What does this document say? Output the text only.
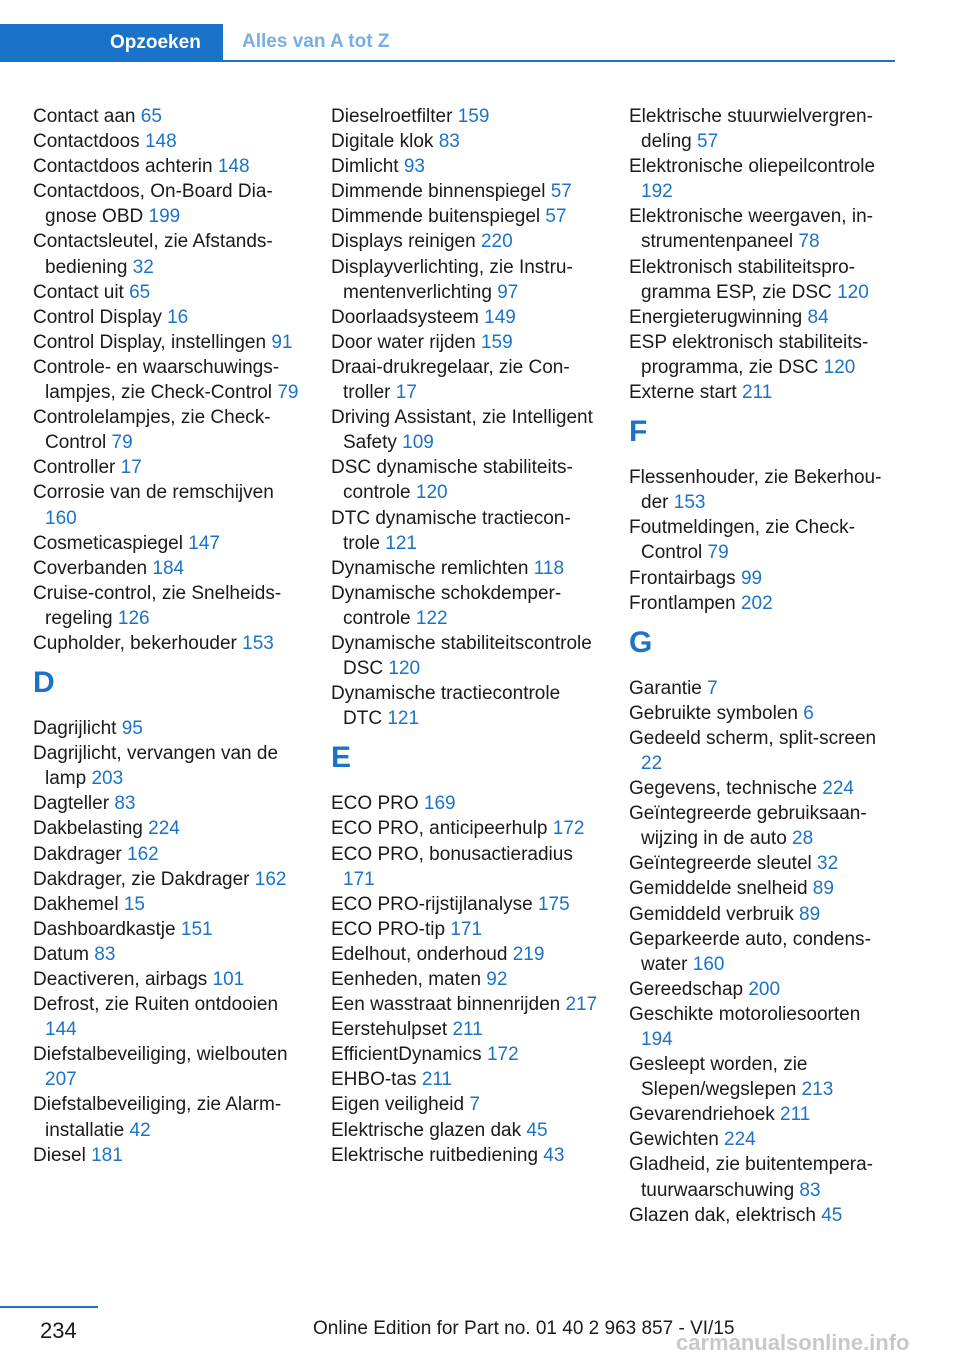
Opzoeken	Alles van A tot Z
Contact aan 65
Contactdoos 148
Contactdoos achterin 148
Contactdoos, On-Board Diagnose OBD 199
Contactsleutel, zie Afstandsbediening 32
Contact uit 65
Control Display 16
Control Display, instellingen 91
Controle- en waarschuwingslampjes, zie Check-Control 79
Controlelampjes, zie Check-Control 79
Controller 17
Corrosie van de remschijven 160
Cosmeticaspiegel 147
Coverbanden 184
Cruise-control, zie Snelheidsregeling 126
Cupholder, bekerhouder 153
D
Dagrijlicht 95
Dagrijlicht, vervangen van de lamp 203
Dagteller 83
Dakbelasting 224
Dakdrager 162
Dakdrager, zie Dakdrager 162
Dakhemel 15
Dashboardkastje 151
Datum 83
Deactiveren, airbags 101
Defrost, zie Ruiten ontdooien 144
Diefstalbeveiliging, wielbouten 207
Diefstalbeveiliging, zie Alarminstallatie 42
Diesel 181
Dieselroetfilter 159
Digitale klok 83
Dimlicht 93
Dimmende binnenspiegel 57
Dimmende buitenspiegel 57
Displays reinigen 220
Displayverlichting, zie Instrumentenverlichting 97
Doorlaadsysteem 149
Door water rijden 159
Draai-drukregelaar, zie Controller 17
Driving Assistant, zie Intelligent Safety 109
DSC dynamische stabiliteitscontrole 120
DTC dynamische tractiecontrole 121
Dynamische remlichten 118
Dynamische schokdempercontrole 122
Dynamische stabiliteitscontrole DSC 120
Dynamische tractiecontrole DTC 121
E
ECO PRO 169
ECO PRO, anticipeerhulp 172
ECO PRO, bonusactieradius 171
ECO PRO-rijstijlanalyse 175
ECO PRO-tip 171
Edelhout, onderhoud 219
Eenheden, maten 92
Een wasstraat binnenrijden 217
Eerstehulpset 211
EfficientDynamics 172
EHBO-tas 211
Eigen veiligheid 7
Elektrische glazen dak 45
Elektrische ruitbediening 43
Elektrische stuurwielvergrendeling 57
Elektronische oliepeilcontrole 192
Elektronische weergaven, instrumentenpaneel 78
Elektronisch stabiliteitsprogramma ESP, zie DSC 120
Energieterugwinning 84
ESP elektronisch stabiliteitsprogramma, zie DSC 120
Externe start 211
F
Flessenhouder, zie Bekerhouder 153
Foutmeldingen, zie Check-Control 79
Frontairbags 99
Frontlampen 202
G
Garantie 7
Gebruikte symbolen 6
Gedeeld scherm, split-screen 22
Gegevens, technische 224
Geïntegreerde gebruiksaanwijzing in de auto 28
Geïntegreerde sleutel 32
Gemiddelde snelheid 89
Gemiddeld verbruik 89
Geparkeerde auto, condenswater 160
Gereedschap 200
Geschikte motoroliesoorten 194
Gesleept worden, zie Slepen/wegslepen 213
Gevarendriehoek 211
Gewichten 224
Gladheid, zie buitentemperatuurwaarschuwing 83
Glazen dak, elektrisch 45
234	Online Edition for Part no. 01 40 2 963 857 - VI/15
carmanualsonline.info
